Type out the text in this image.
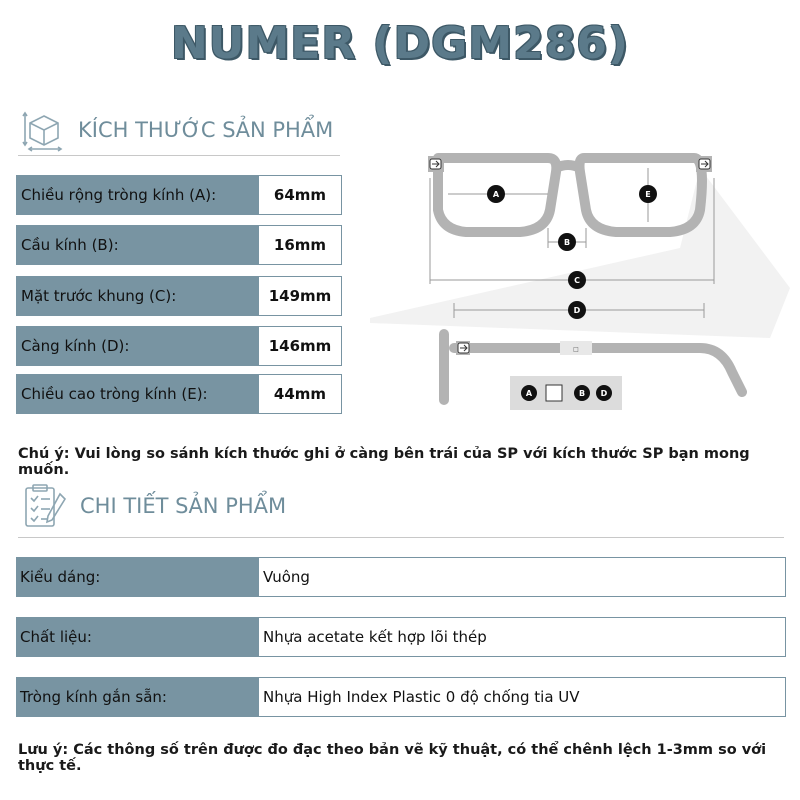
NUMER (DGM286)
KÍCH THƯỚC SẢN PHẨM
Chiều rộng tròng kính (A):	64mm
Cầu kính (B):	16mm
Mặt trước khung (C):	149mm
Càng kính (D):	146mm
Chiều cao tròng kính (E):	44mm
□
A
B
C
D
E
A	B D
Chú ý: Vui lòng so sánh kích thước ghi ở càng bên trái của SP với kích thước SP bạn mong muốn.
CHI TIẾT SẢN PHẨM
Kiểu dáng:	Vuông
Chất liệu:	Nhựa acetate kết hợp lõi thép
Tròng kính gắn sẵn:	Nhựa High Index Plastic 0 độ chống tia UV
Lưu ý: Các thông số trên được đo đạc theo bản vẽ kỹ thuật, có thể chênh lệch 1-3mm so với thực tế.
